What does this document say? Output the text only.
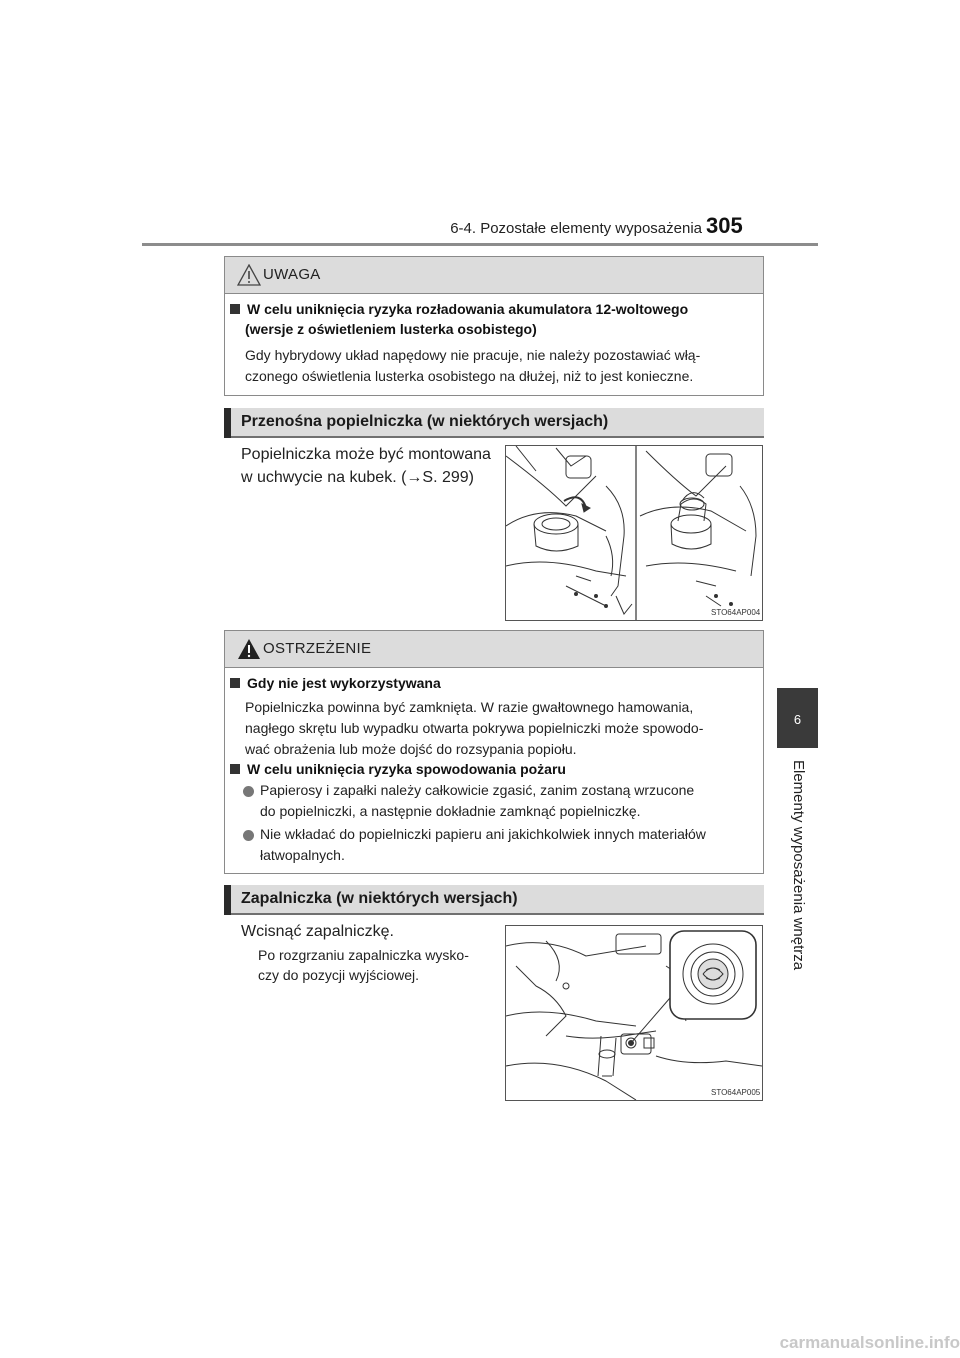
6-4. Pozostałe elementy wyposażenia 305
6
Elementy wyposażenia wnętrza
UWAGA
W celu uniknięcia ryzyka rozładowania akumulatora 12-woltowego
(wersje z oświetleniem lusterka osobistego)
Gdy hybrydowy układ napędowy nie pracuje, nie należy pozostawiać włą-
czonego oświetlenia lusterka osobistego na dłużej, niż to jest konieczne.
Przenośna popielniczka (w niektórych wersjach)
Popielniczka może być montowana
w uchwycie na kubek. (→S. 299)
STO64AP004
OSTRZEŻENIE
Gdy nie jest wykorzystywana
Popielniczka powinna być zamknięta. W razie gwałtownego hamowania,
nagłego skrętu lub wypadku otwarta pokrywa popielniczki może spowodo-
wać obrażenia lub może dojść do rozsypania popiołu.
W celu uniknięcia ryzyka spowodowania pożaru
Papierosy i zapałki należy całkowicie zgasić, zanim zostaną wrzucone
do popielniczki, a następnie dokładnie zamknąć popielniczkę.
Nie wkładać do popielniczki papieru ani jakichkolwiek innych materiałów
łatwopalnych.
Zapalniczka (w niektórych wersjach)
Wcisnąć zapalniczkę.
Po rozgrzaniu zapalniczka wysko-
czy do pozycji wyjściowej.
STO64AP005
carmanualsonline.info
